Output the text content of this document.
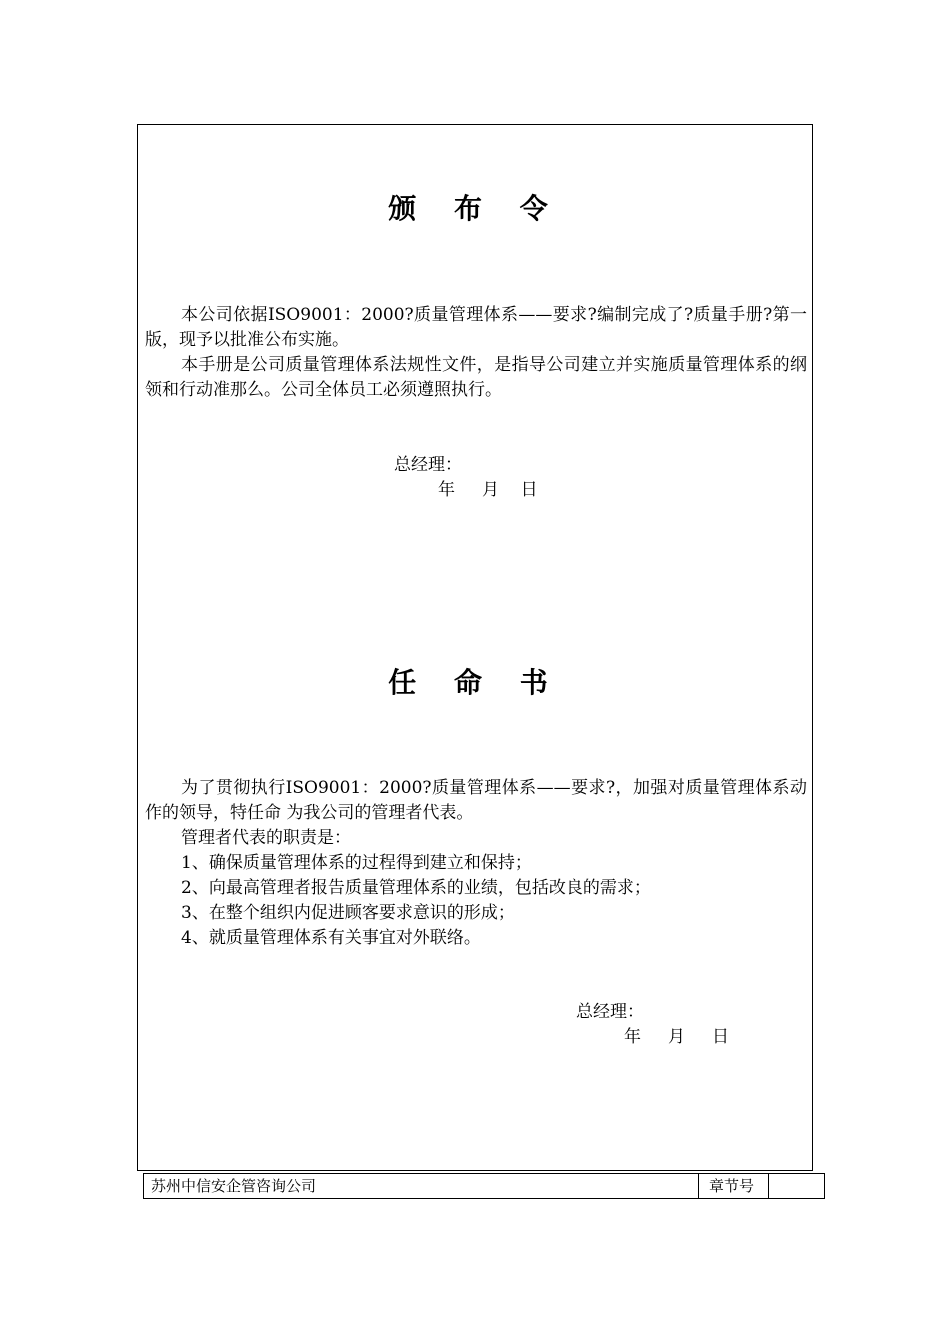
颁 布 令

本公司依据ISO9001：2000?质量管理体系——要求?编制完成了?质量手册?第一版，现予以批准公布实施。

本手册是公司质量管理体系法规性文件，是指导公司建立并实施质量管理体系的纲领和行动准那么。公司全体员工必须遵照执行。

总经理：
年     月    日
任 命 书

为了贯彻执行ISO9001：2000?质量管理体系——要求?，加强对质量管理体系动作的领导，特任命 为我公司的管理者代表。

管理者代表的职责是：
1、确保质量管理体系的过程得到建立和保持；
2、向最高管理者报告质量管理体系的业绩，包括改良的需求；
3、在整个组织内促进顾客要求意识的形成；
4、就质量管理体系有关事宜对外联络。
总经理：
年     月     日
苏州中信安企管咨询公司	章节号
